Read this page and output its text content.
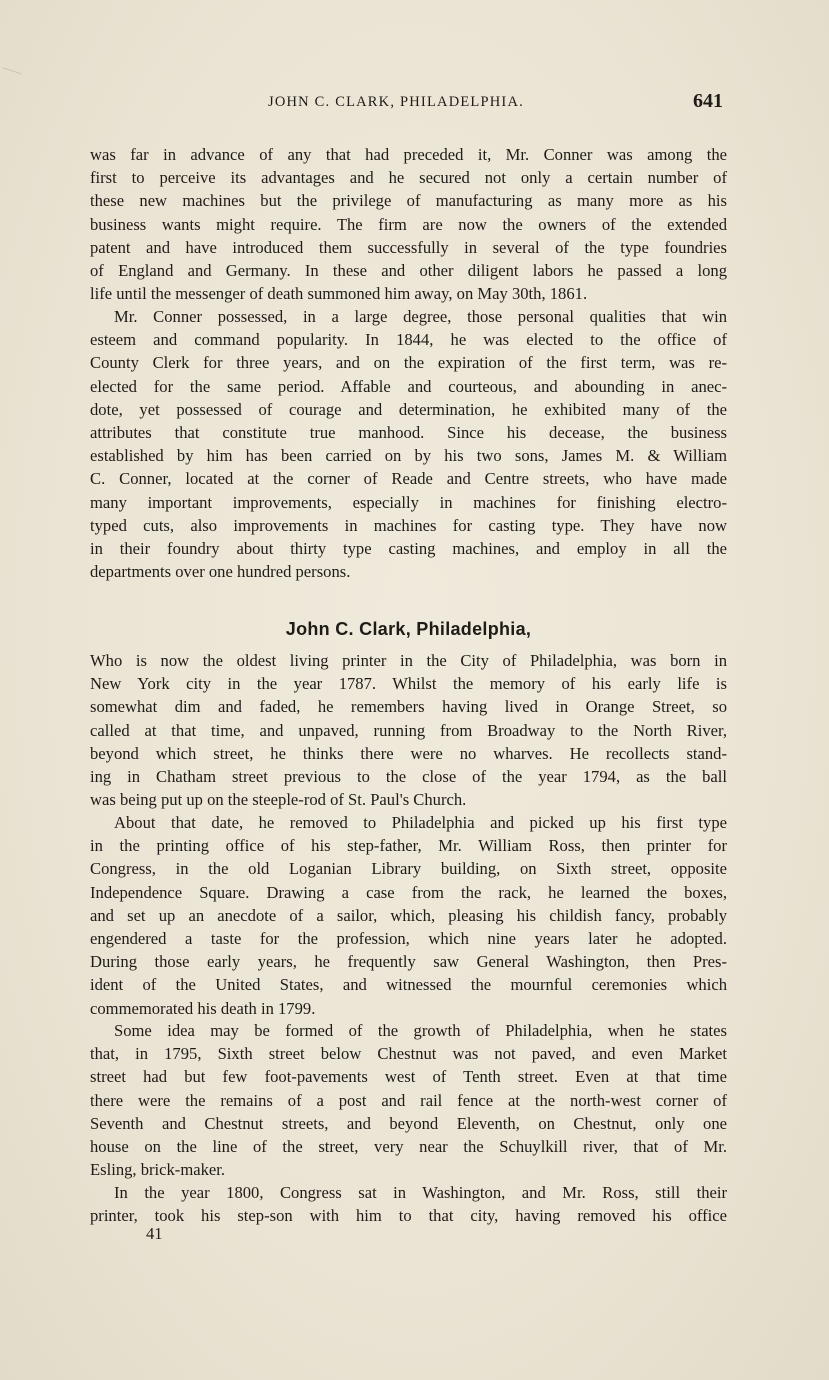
JOHN C. CLARK, PHILADELPHIA.	641
was far in advance of any that had preceded it, Mr. Conner was among the
first to perceive its advantages and he secured not only a certain number of
these new machines but the privilege of manufacturing as many more as his
business wants might require. The firm are now the owners of the extended
patent and have introduced them successfully in several of the type foundries
of England and Germany. In these and other diligent labors he passed a long
life until the messenger of death summoned him away, on May 30th, 1861.
Mr. Conner possessed, in a large degree, those personal qualities that win
esteem and command popularity. In 1844, he was elected to the office of
County Clerk for three years, and on the expiration of the first term, was re-
elected for the same period. Affable and courteous, and abounding in anec-
dote, yet possessed of courage and determination, he exhibited many of the
attributes that constitute true manhood. Since his decease, the business
established by him has been carried on by his two sons, James M. & William
C. Conner, located at the corner of Reade and Centre streets, who have made
many important improvements, especially in machines for finishing electro-
typed cuts, also improvements in machines for casting type. They have now
in their foundry about thirty type casting machines, and employ in all the
departments over one hundred persons.
John C. Clark, Philadelphia,
Who is now the oldest living printer in the City of Philadelphia, was born in
New York city in the year 1787. Whilst the memory of his early life is
somewhat dim and faded, he remembers having lived in Orange Street, so
called at that time, and unpaved, running from Broadway to the North River,
beyond which street, he thinks there were no wharves. He recollects stand-
ing in Chatham street previous to the close of the year 1794, as the ball
was being put up on the steeple-rod of St. Paul's Church.
About that date, he removed to Philadelphia and picked up his first type
in the printing office of his step-father, Mr. William Ross, then printer for
Congress, in the old Loganian Library building, on Sixth street, opposite
Independence Square. Drawing a case from the rack, he learned the boxes,
and set up an anecdote of a sailor, which, pleasing his childish fancy, probably
engendered a taste for the profession, which nine years later he adopted.
During those early years, he frequently saw General Washington, then Pres-
ident of the United States, and witnessed the mournful ceremonies which
commemorated his death in 1799.
Some idea may be formed of the growth of Philadelphia, when he states
that, in 1795, Sixth street below Chestnut was not paved, and even Market
street had but few foot-pavements west of Tenth street. Even at that time
there were the remains of a post and rail fence at the north-west corner of
Seventh and Chestnut streets, and beyond Eleventh, on Chestnut, only one
house on the line of the street, very near the Schuylkill river, that of Mr.
Esling, brick-maker.
In the year 1800, Congress sat in Washington, and Mr. Ross, still their
printer, took his step-son with him to that city, having removed his office
41
